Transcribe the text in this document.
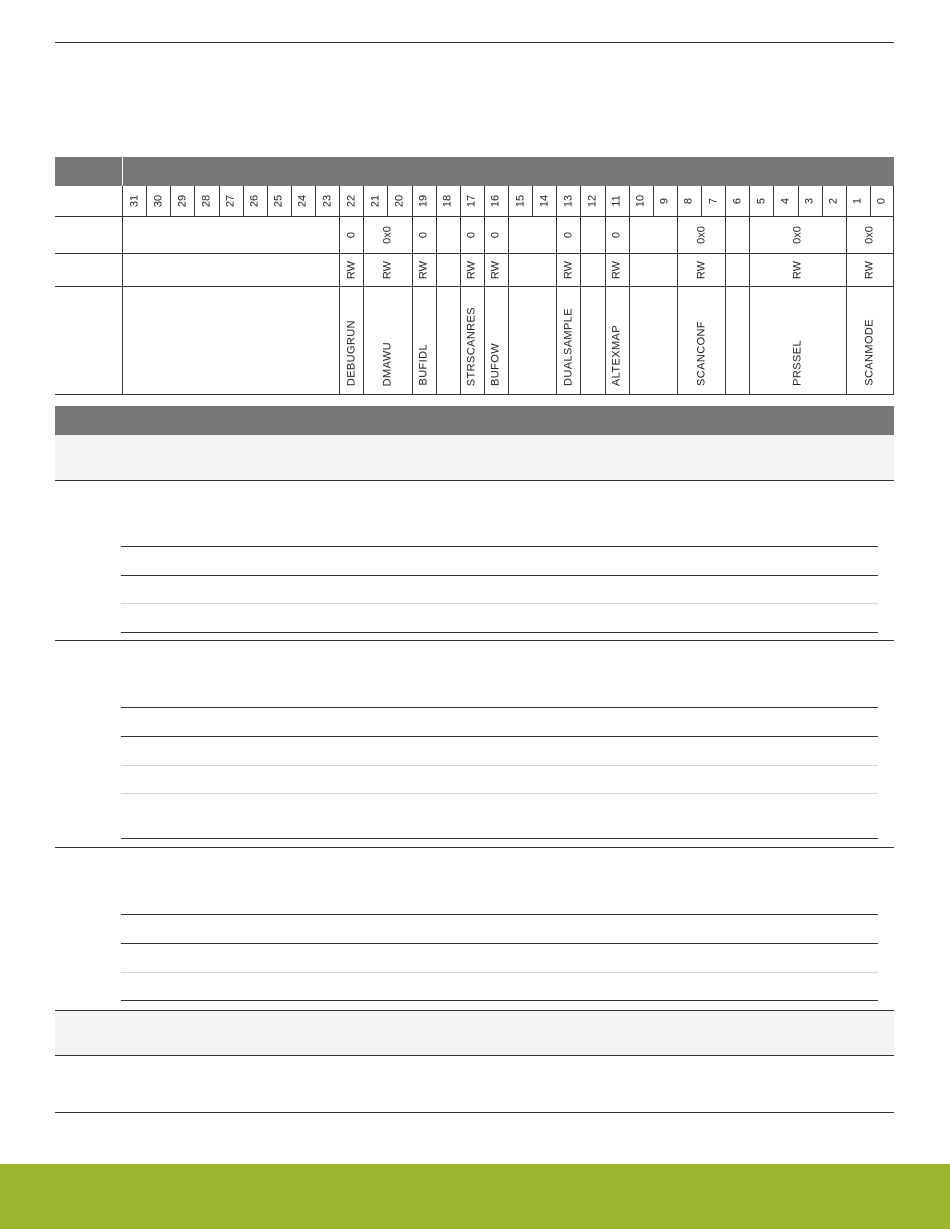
31 30 29 28 27 26 25 24 23 22 21 20 19 18 17 16 15 14 13 12 11 10 9 8 7 6 5 4 3 2 1 0
0
RW
DEBUGRUN
0x0
RW
DMAWU
0
RW
BUFIDL
0
RW
STRSCANRES
0
RW
BUFOW
0
RW
DUALSAMPLE
0
RW
ALTEXMAP
0x0
RW
SCANCONF
0x0
RW
PRSSEL
0x0
RW
SCANMODE
